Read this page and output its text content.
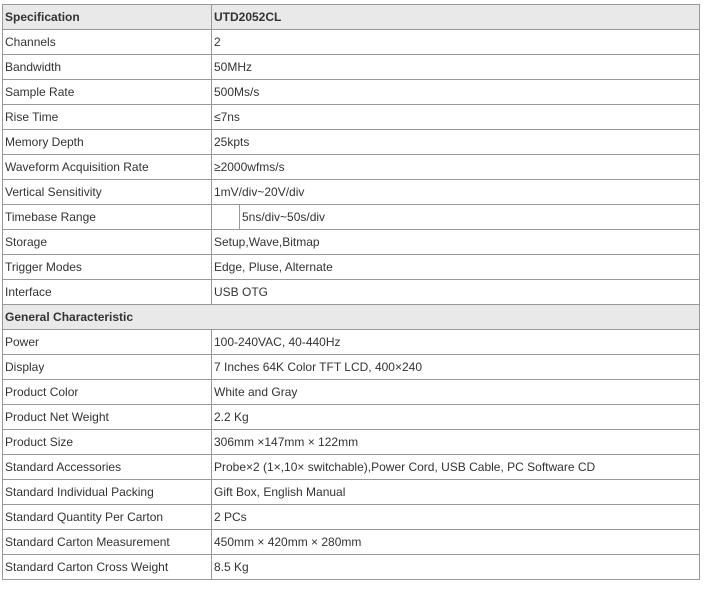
Specification	UTD2052CL	
Channels	2	
Bandwidth	50MHz	
Sample Rate	500Ms/s	
Rise Time	≤7ns	
Memory Depth	25kpts	
Waveform Acquisition Rate	≥2000wfms/s	
Vertical Sensitivity	1mV/div~20V/div	
Timebase Range		5ns/div~50s/div
Storage	Setup,Wave,Bitmap	
Trigger Modes	Edge, Pluse, Alternate	
Interface	USB OTG	
General Characteristic		
Power	100-240VAC, 40-440Hz	
Display	7 Inches 64K Color TFT LCD, 400×240	
Product Color	White and Gray	
Product Net Weight	2.2 Kg	
Product Size	306mm ×147mm × 122mm	
Standard Accessories	Probe×2 (1×,10× switchable),Power Cord, USB Cable, PC Software CD	
Standard Individual Packing	Gift Box, English Manual	
Standard Quantity Per Carton	2 PCs	
Standard Carton Measurement	450mm × 420mm × 280mm	
Standard Carton Cross Weight	8.5 Kg	
